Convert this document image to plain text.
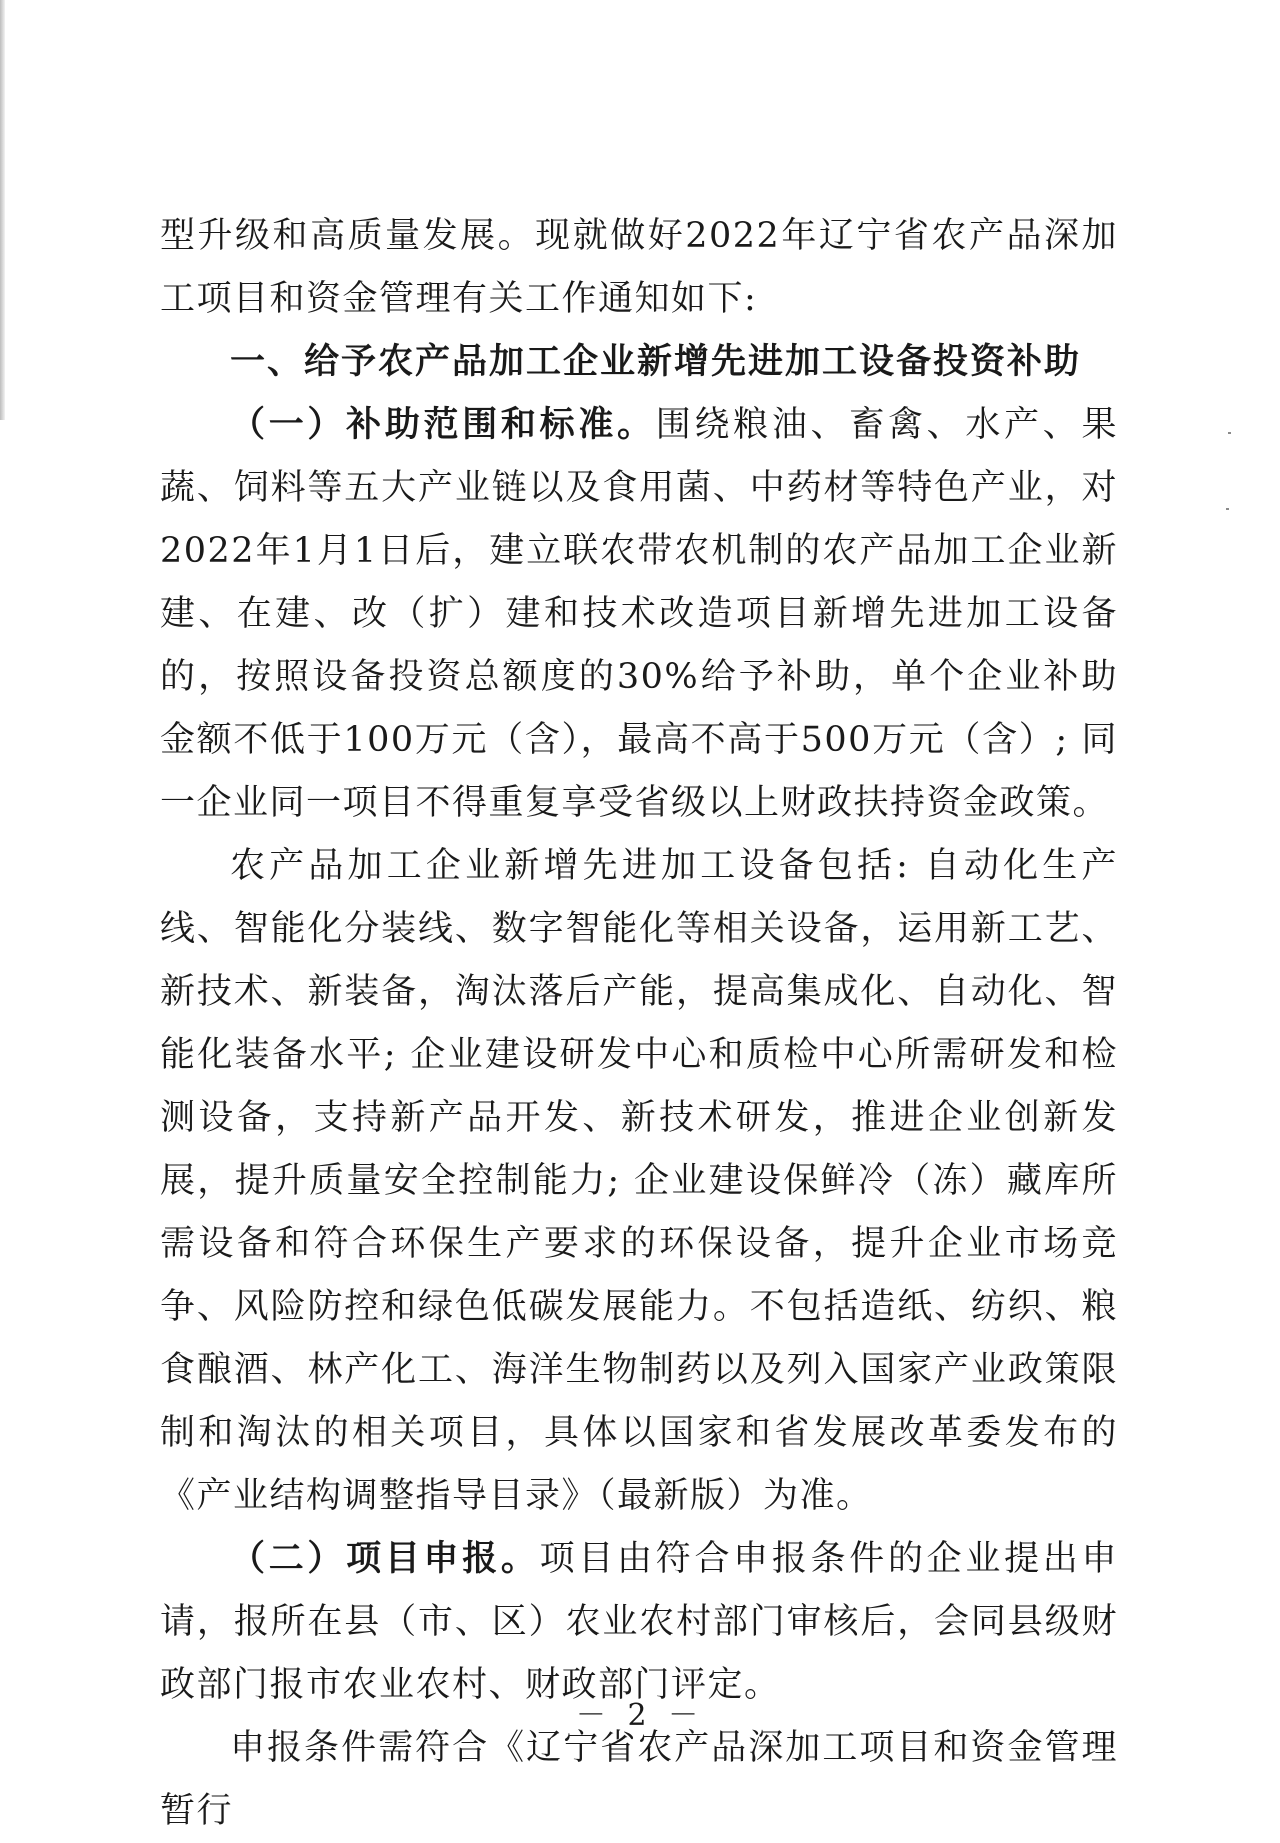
型升级和高质量发展。现就做好2022年辽宁省农产品深加工项目和资金管理有关工作通知如下:

一、给予农产品加工企业新增先进加工设备投资补助

（一）补助范围和标准。围绕粮油、畜禽、水产、果蔬、饲料等五大产业链以及食用菌、中药材等特色产业，对2022年1月1日后，建立联农带农机制的农产品加工企业新建、在建、改（扩）建和技术改造项目新增先进加工设备的，按照设备投资总额度的30%给予补助，单个企业补助金额不低于100万元（含），最高不高于500万元（含）; 同一企业同一项目不得重复享受省级以上财政扶持资金政策。

农产品加工企业新增先进加工设备包括: 自动化生产线、智能化分装线、数字智能化等相关设备，运用新工艺、新技术、新装备，淘汰落后产能，提高集成化、自动化、智能化装备水平; 企业建设研发中心和质检中心所需研发和检测设备，支持新产品开发、新技术研发，推进企业创新发展，提升质量安全控制能力; 企业建设保鲜冷（冻）藏库所需设备和符合环保生产要求的环保设备，提升企业市场竞争、风险防控和绿色低碳发展能力。不包括造纸、纺织、粮食酿酒、林产化工、海洋生物制药以及列入国家产业政策限制和淘汰的相关项目，具体以国家和省发展改革委发布的《产业结构调整指导目录》（最新版）为准。

（二）项目申报。项目由符合申报条件的企业提出申请，报所在县（市、区）农业农村部门审核后，会同县级财政部门报市农业农村、财政部门评定。

申报条件需符合《辽宁省农产品深加工项目和资金管理暂行

－ 2 －
